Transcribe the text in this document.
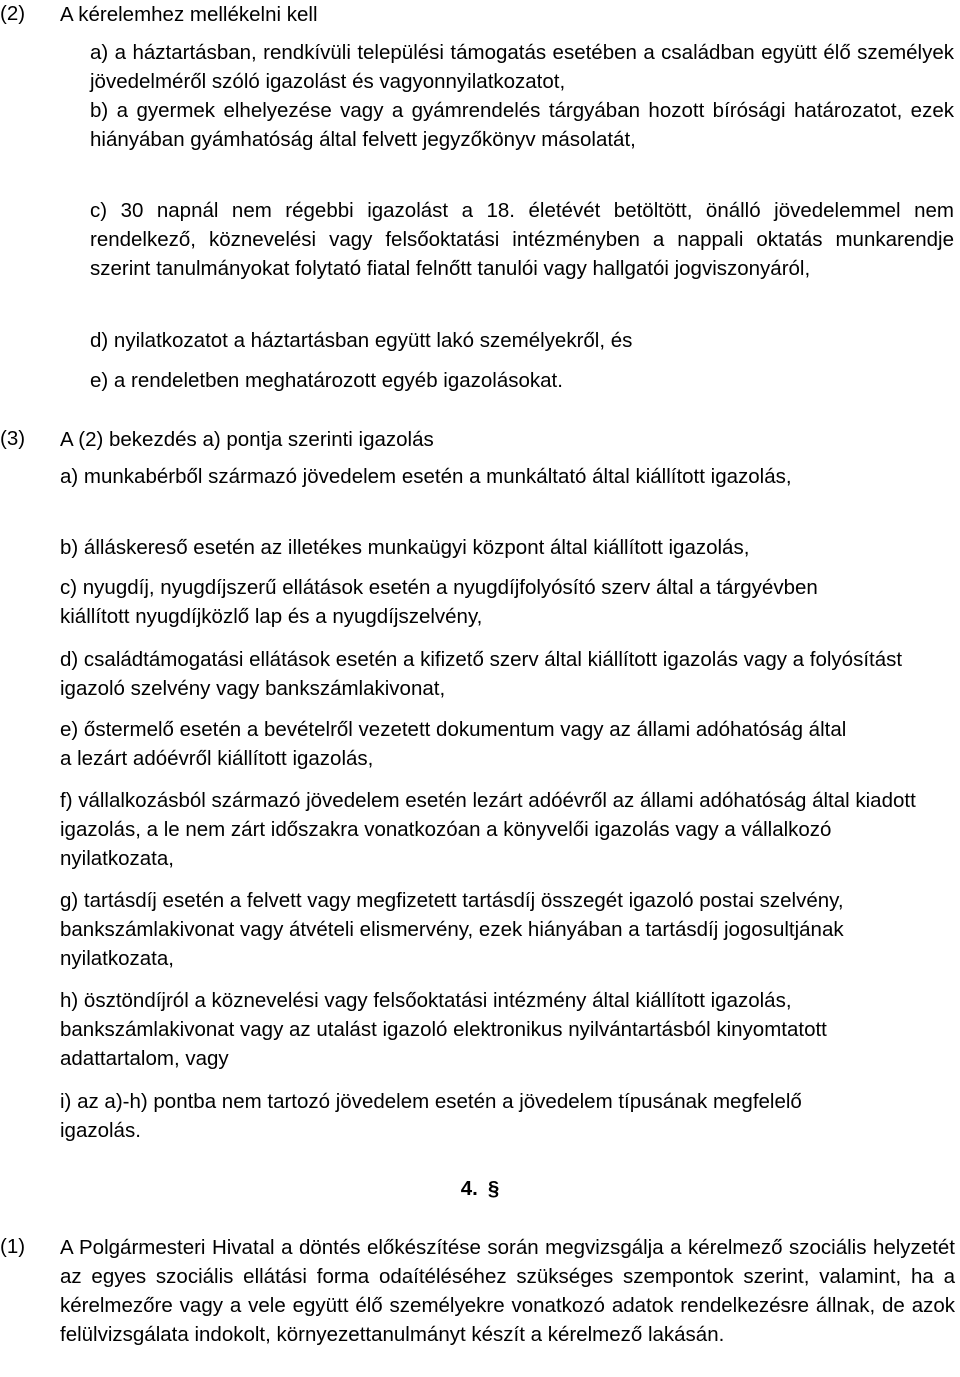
(2) A kérelemhez mellékelni kell
a) a háztartásban, rendkívüli települési támogatás esetében a családban együtt élő személyek jövedelméről szóló igazolást és vagyonnyilatkozatot,
b) a gyermek elhelyezése vagy a gyámrendelés tárgyában hozott bírósági határozatot, ezek hiányában gyámhatóság által felvett jegyzőkönyv másolatát,
c) 30 napnál nem régebbi igazolást a 18. életévét betöltött, önálló jövedelemmel nem rendelkező, köznevelési vagy felsőoktatási intézményben a nappali oktatás munkarendje szerint tanulmányokat folytató fiatal felnőtt tanulói vagy hallgatói jogviszonyáról,
d) nyilatkozatot a háztartásban együtt lakó személyekről, és
e) a rendeletben meghatározott egyéb igazolásokat.
(3) A (2) bekezdés a) pontja szerinti igazolás
a) munkabérből származó jövedelem esetén a munkáltató által kiállított igazolás,
b) álláskereső esetén az illetékes munkaügyi központ által kiállított igazolás,
c) nyugdíj, nyugdíjszerű ellátások esetén a nyugdíjfolyósító szerv által a tárgyévben kiállított nyugdíjközlő lap és a nyugdíjszelvény,
d) családtámogatási ellátások esetén a kifizető szerv által kiállított igazolás vagy a folyósítást igazoló szelvény vagy bankszámlakivonat,
e) őstermelő esetén a bevételről vezetett dokumentum vagy az állami adóhatóság által a lezárt adóévről kiállított igazolás,
f) vállalkozásból származó jövedelem esetén lezárt adóévről az állami adóhatóság által kiadott igazolás, a le nem zárt időszakra vonatkozóan a könyvelői igazolás vagy a vállalkozó nyilatkozata,
g) tartásdíj esetén a felvett vagy megfizetett tartásdíj összegét igazoló postai szelvény, bankszámlakivonat vagy átvételi elismervény, ezek hiányában a tartásdíj jogosultjának nyilatkozata,
h) ösztöndíjról a köznevelési vagy felsőoktatási intézmény által kiállított igazolás, bankszámlakivonat vagy az utalást igazoló elektronikus nyilvántartásból kinyomtatott adattartalom, vagy
i) az a)-h) pontba nem tartozó jövedelem esetén a jövedelem típusának megfelelő igazolás.
4. §
(1) A Polgármesteri Hivatal a döntés előkészítése során megvizsgálja a kérelmező szociális helyzetét az egyes szociális ellátási forma odaítéléséhez szükséges szempontok szerint, valamint, ha a kérelmezőre vagy a vele együtt élő személyekre vonatkozó adatok rendelkezésre állnak, de azok felülvizsgálata indokolt, környezettanulmányt készít a kérelmező lakásán.
